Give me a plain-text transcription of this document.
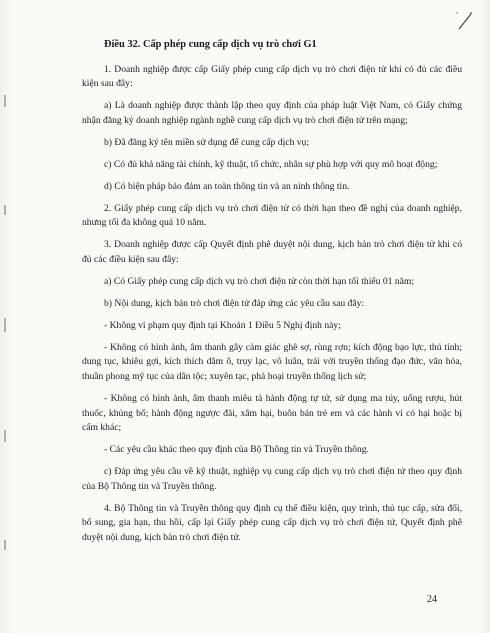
Điều 32. Cấp phép cung cấp dịch vụ trò chơi G1

1. Doanh nghiệp được cấp Giấy phép cung cấp dịch vụ trò chơi điện tử khi có đủ các điều kiện sau đây:

a) Là doanh nghiệp được thành lập theo quy định của pháp luật Việt Nam, có Giấy chứng nhận đăng ký doanh nghiệp ngành nghề cung cấp dịch vụ trò chơi điện tử trên mạng;

b) Đã đăng ký tên miền sử dụng để cung cấp dịch vụ;

c) Có đủ khả năng tài chính, kỹ thuật, tổ chức, nhân sự phù hợp với quy mô hoạt động;

d) Có biện pháp bảo đảm an toàn thông tin và an ninh thông tin.

2. Giấy phép cung cấp dịch vụ trò chơi điện tử có thời hạn theo đề nghị của doanh nghiệp, nhưng tối đa không quá 10 năm.

3. Doanh nghiệp được cấp Quyết định phê duyệt nội dung, kịch bản trò chơi điện tử khi có đủ các điều kiện sau đây:

a) Có Giấy phép cung cấp dịch vụ trò chơi điện tử còn thời hạn tối thiểu 01 năm;

b) Nội dung, kịch bản trò chơi điện tử đáp ứng các yêu cầu sau đây:

- Không vi phạm quy định tại Khoản 1 Điều 5 Nghị định này;

- Không có hình ảnh, âm thanh gây cảm giác ghê sợ, rùng rợn; kích động bạo lực, thú tính; dung tục, khiêu gợi, kích thích dâm ô, trụy lạc, vô luân, trái với truyền thống đạo đức, văn hóa, thuần phong mỹ tục của dân tộc; xuyên tạc, phá hoại truyền thống lịch sử;

- Không có hình ảnh, âm thanh miêu tả hành động tự tử, sử dụng ma túy, uống rượu, hút thuốc, khủng bố; hành động ngược đãi, xâm hại, buôn bán trẻ em và các hành vi có hại hoặc bị cấm khác;

- Các yêu cầu khác theo quy định của Bộ Thông tin và Truyền thông.

c) Đáp ứng yêu cầu về kỹ thuật, nghiệp vụ cung cấp dịch vụ trò chơi điện tử theo quy định của Bộ Thông tin và Truyền thông.

4. Bộ Thông tin và Truyền thông quy định cụ thể điều kiện, quy trình, thủ tục cấp, sửa đổi, bổ sung, gia hạn, thu hồi, cấp lại Giấy phép cung cấp dịch vụ trò chơi điện tử, Quyết định phê duyệt nội dung, kịch bản trò chơi điện tử.

24
